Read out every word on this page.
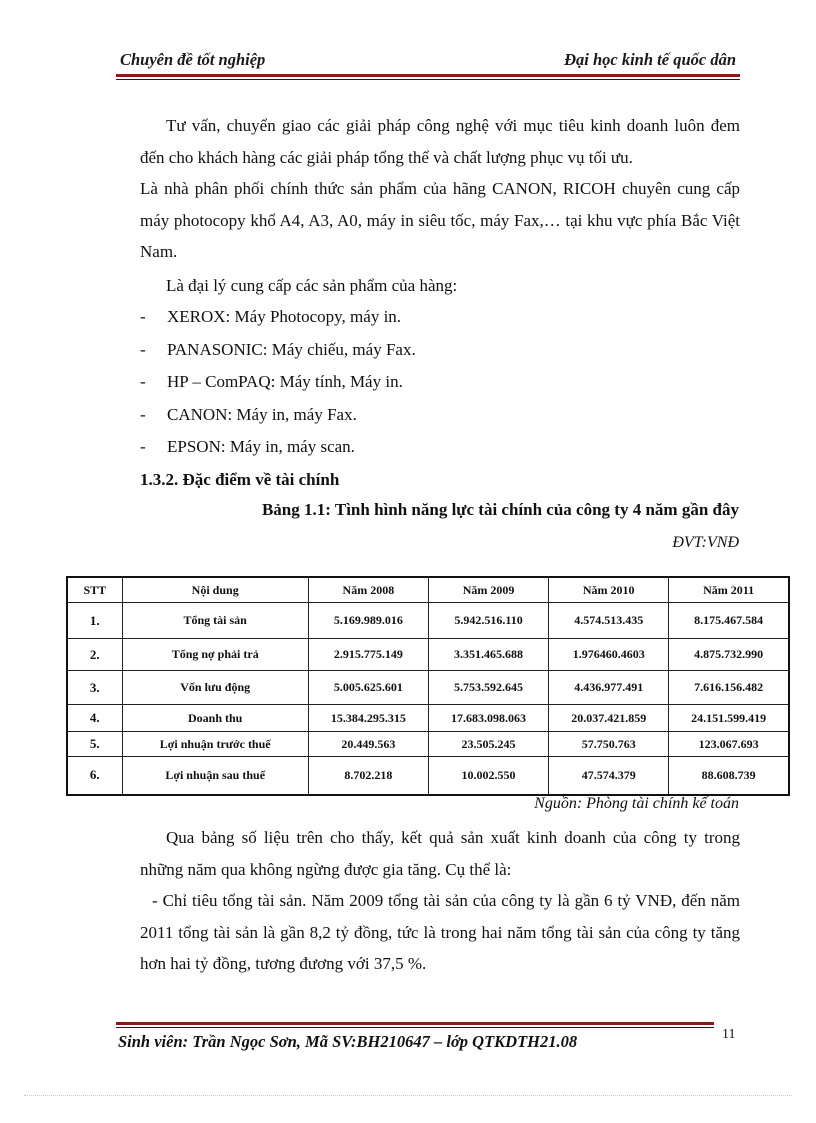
Chuyên đề tốt nghiệp	Đại học kinh tế quốc dân

Tư vấn, chuyển giao các giải pháp công nghệ với mục tiêu kinh doanh luôn đem đến cho khách hàng các giải pháp tổng thể và chất lượng phục vụ tối ưu.

Là nhà phân phối chính thức sản phẩm của hãng CANON, RICOH chuyên cung cấp máy photocopy khổ A4, A3, A0, máy in siêu tốc, máy Fax,… tại khu vực phía Bắc Việt Nam.

Là đại lý cung cấp các sản phẩm của hàng:

- XEROX: Máy Photocopy, máy in.
- PANASONIC: Máy chiếu, máy Fax.
- HP – ComPAQ: Máy tính, Máy in.
- CANON: Máy in, máy Fax.
- EPSON: Máy in, máy scan.
1.3.2. Đặc điểm về tài chính
Bảng 1.1: Tình hình năng lực tài chính của công ty 4 năm gần đây
ĐVT:VNĐ
STT	Nội dung	Năm 2008	Năm 2009	Năm 2010	Năm 2011
1.	Tổng tài sản	5.169.989.016	5.942.516.110	4.574.513.435	8.175.467.584
2.	Tổng nợ phải trả	2.915.775.149	3.351.465.688	1.976460.4603	4.875.732.990
3.	Vốn lưu động	5.005.625.601	5.753.592.645	4.436.977.491	7.616.156.482
4.	Doanh thu	15.384.295.315	17.683.098.063	20.037.421.859	24.151.599.419
5.	Lợi nhuận trước thuế	20.449.563	23.505.245	57.750.763	123.067.693
6.	Lợi nhuận sau thuế	8.702.218	10.002.550	47.574.379	88.608.739
Nguồn: Phòng tài chính kế toán

Qua bảng số liệu trên cho thấy, kết quả sản xuất kinh doanh của công ty trong những năm qua không ngừng được gia tăng. Cụ thể là:

- Chỉ tiêu tổng tài sản. Năm 2009 tổng tài sản của công ty là gần 6 tỷ VNĐ, đến năm 2011 tổng tài sản là gần 8,2 tỷ đồng, tức là trong hai năm tổng tài sản của công ty tăng hơn hai tỷ đồng, tương đương với 37,5 %.

Sinh viên: Trần Ngọc Sơn, Mã SV:BH210647 – lớp QTKDTH21.08	11
